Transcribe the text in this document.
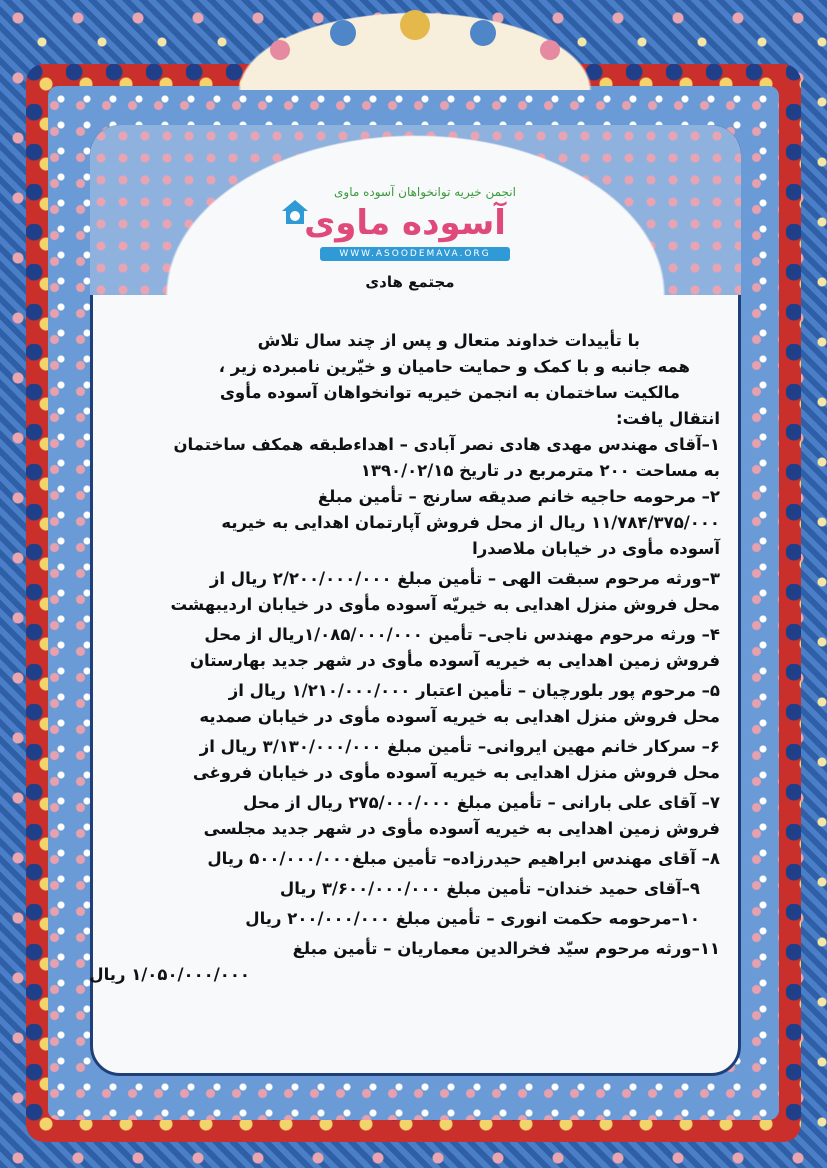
انجمن خیریه توانخواهان آسوده ماوی
آسوده ماوی
WWW.ASOODEMAVA.ORG
مجتمع هادی
با تأییدات خداوند متعال و پس از چند سال تلاش
همه جانبه و با کمک و حمایت حامیان و خیّرین نامبرده زیر ،
مالکیت ساختمان به انجمن خیریه توانخواهان آسوده مأوی
انتقال یافت:
۱–آقای مهندس مهدی هادی نصر آبادی – اهداءطبقه همکف ساختمان
به مساحت ۲۰۰ مترمربع در تاریخ ۱۳۹۰/۰۲/۱۵
۲– مرحومه حاجیه خانم صدیقه سارنج – تأمین مبلغ
۱۱/۷۸۴/۳۷۵/۰۰۰ ریال از محل فروش آپارتمان اهدایی به خیریه
آسوده مأوی در خیابان ملاصدرا
۳–ورثه مرحوم سبقت الهی – تأمین مبلغ ۲/۲۰۰/۰۰۰/۰۰۰ ریال از
محل فروش منزل اهدایی به خیریّه آسوده مأوی در خیابان اردیبهشت
۴– ورثه مرحوم مهندس ناجی– تأمین ۱/۰۸۵/۰۰۰/۰۰۰ریال از محل
فروش زمین اهدایی به خیریه آسوده مأوی در شهر جدید بهارستان
۵– مرحوم پور بلورچیان – تأمین اعتبار ۱/۲۱۰/۰۰۰/۰۰۰ ریال از
محل فروش منزل اهدایی به خیریه آسوده مأوی در خیابان صمدیه
۶– سرکار خانم مهین ایروانی– تأمین مبلغ ۳/۱۳۰/۰۰۰/۰۰۰ ریال از
محل فروش منزل اهدایی به خیریه آسوده مأوی در خیابان فروغی
۷– آقای علی بارانی – تأمین مبلغ ۲۷۵/۰۰۰/۰۰۰ ریال از محل
فروش زمین اهدایی به خیریه آسوده مأوی در شهر جدید مجلسی
۸– آقای مهندس ابراهیم حیدرزاده– تأمین مبلغ۵۰۰/۰۰۰/۰۰۰ ریال
۹–آقای حمید خندان– تأمین مبلغ ۳/۶۰۰/۰۰۰/۰۰۰ ریال
۱۰–مرحومه حکمت انوری – تأمین مبلغ ۲۰۰/۰۰۰/۰۰۰ ریال
۱۱–ورثه مرحوم سیّد فخرالدین معماریان – تأمین مبلغ
۱/۰۵۰/۰۰۰/۰۰۰ ریال
